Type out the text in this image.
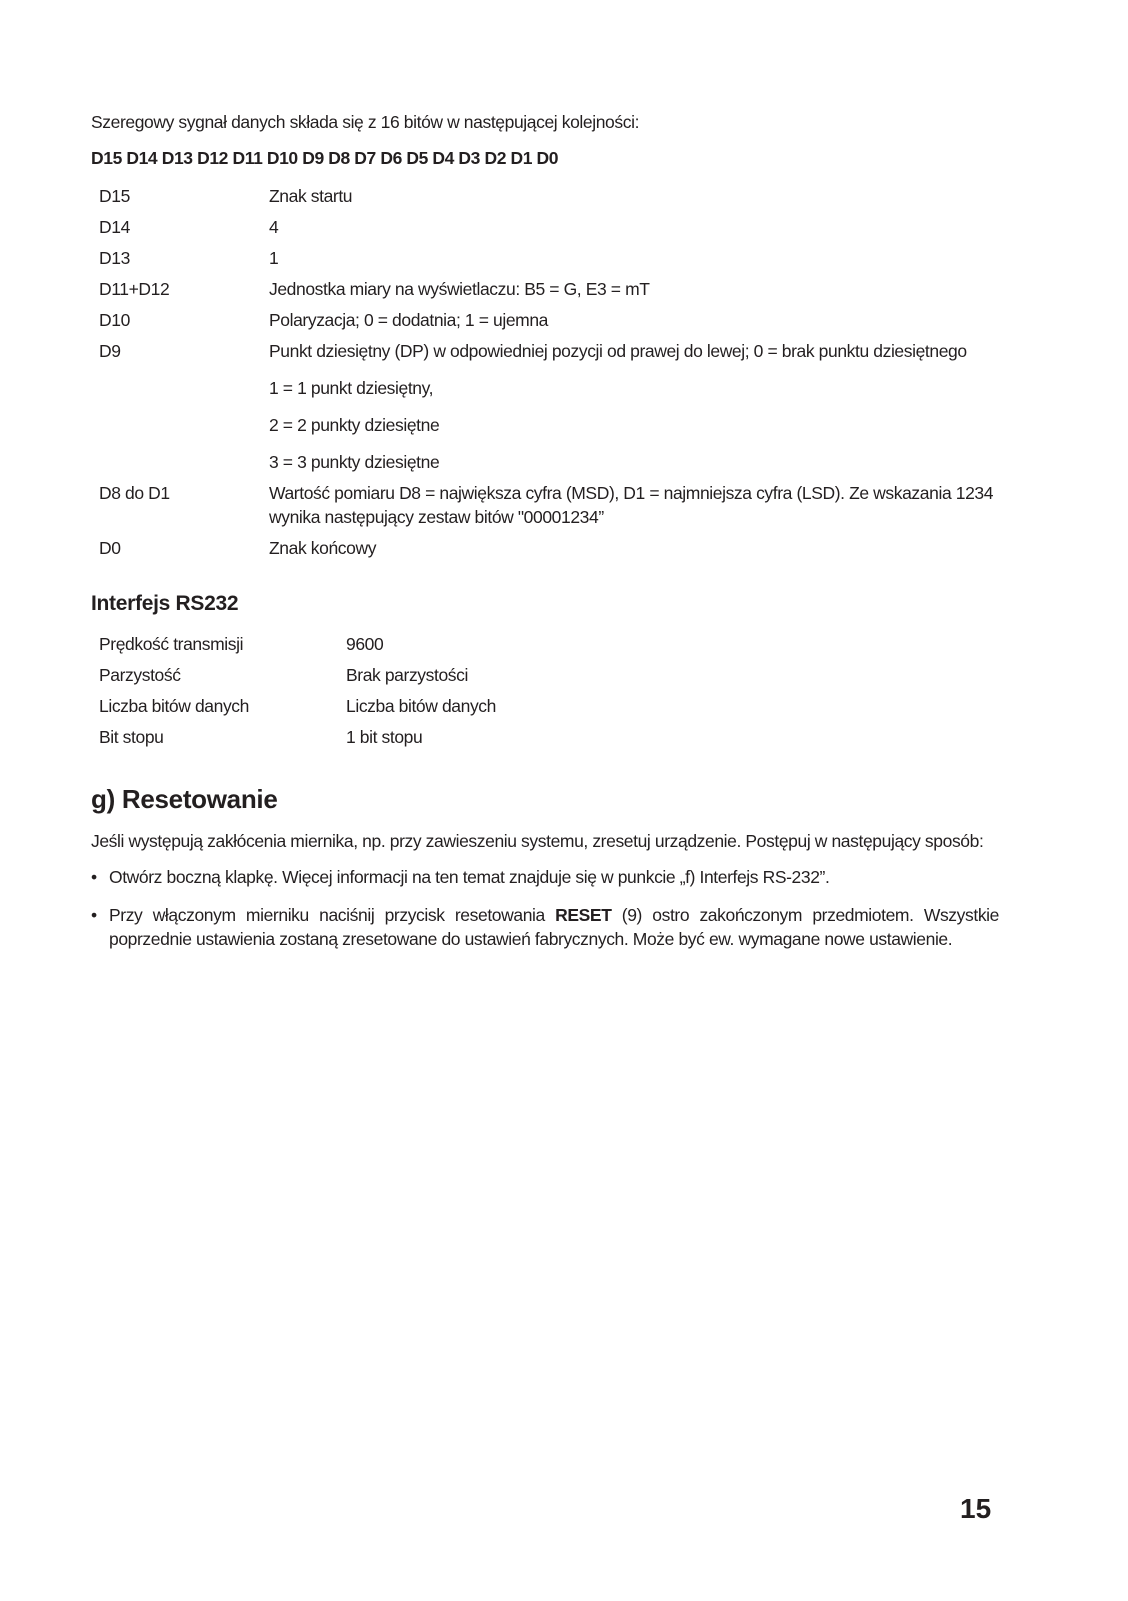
Szeregowy sygnał danych składa się z 16 bitów w następującej kolejności:

D15 D14 D13 D12 D11 D10 D9 D8 D7 D6 D5 D4 D3 D2 D1 D0

D15	Znak startu
D14	4
D13	1
D11+D12	Jednostka miary na wyświetlaczu: B5 = G, E3 = mT
D10	Polaryzacja; 0 = dodatnia; 1 = ujemna
D9	Punkt dziesiętny (DP) w odpowiedniej pozycji od prawej do lewej; 0 = brak punktu dziesiętnego
1 = 1 punkt dziesiętny,
2 = 2 punkty dziesiętne
3 = 3 punkty dziesiętne
D8 do D1	Wartość pomiaru D8 = największa cyfra (MSD), D1 = najmniejsza cyfra (LSD). Ze wskazania 1234 wynika następujący zestaw bitów "00001234”
D0	Znak końcowy
Interfejs RS232
Prędkość transmisji	9600
Parzystość	Brak parzystości
Liczba bitów danych	Liczba bitów danych
Bit stopu	1 bit stopu
g) Resetowanie

Jeśli występują zakłócenia miernika, np. przy zawieszeniu systemu, zresetuj urządzenie. Postępuj w następujący sposób:

• Otwórz boczną klapkę. Więcej informacji na ten temat znajduje się w punkcie „f) Interfejs RS-232”.
• Przy włączonym mierniku naciśnij przycisk resetowania RESET (9) ostro zakończonym przedmiotem. Wszystkie poprzednie ustawienia zostaną zresetowane do ustawień fabrycznych. Może być ew. wymagane nowe ustawienie.
15
